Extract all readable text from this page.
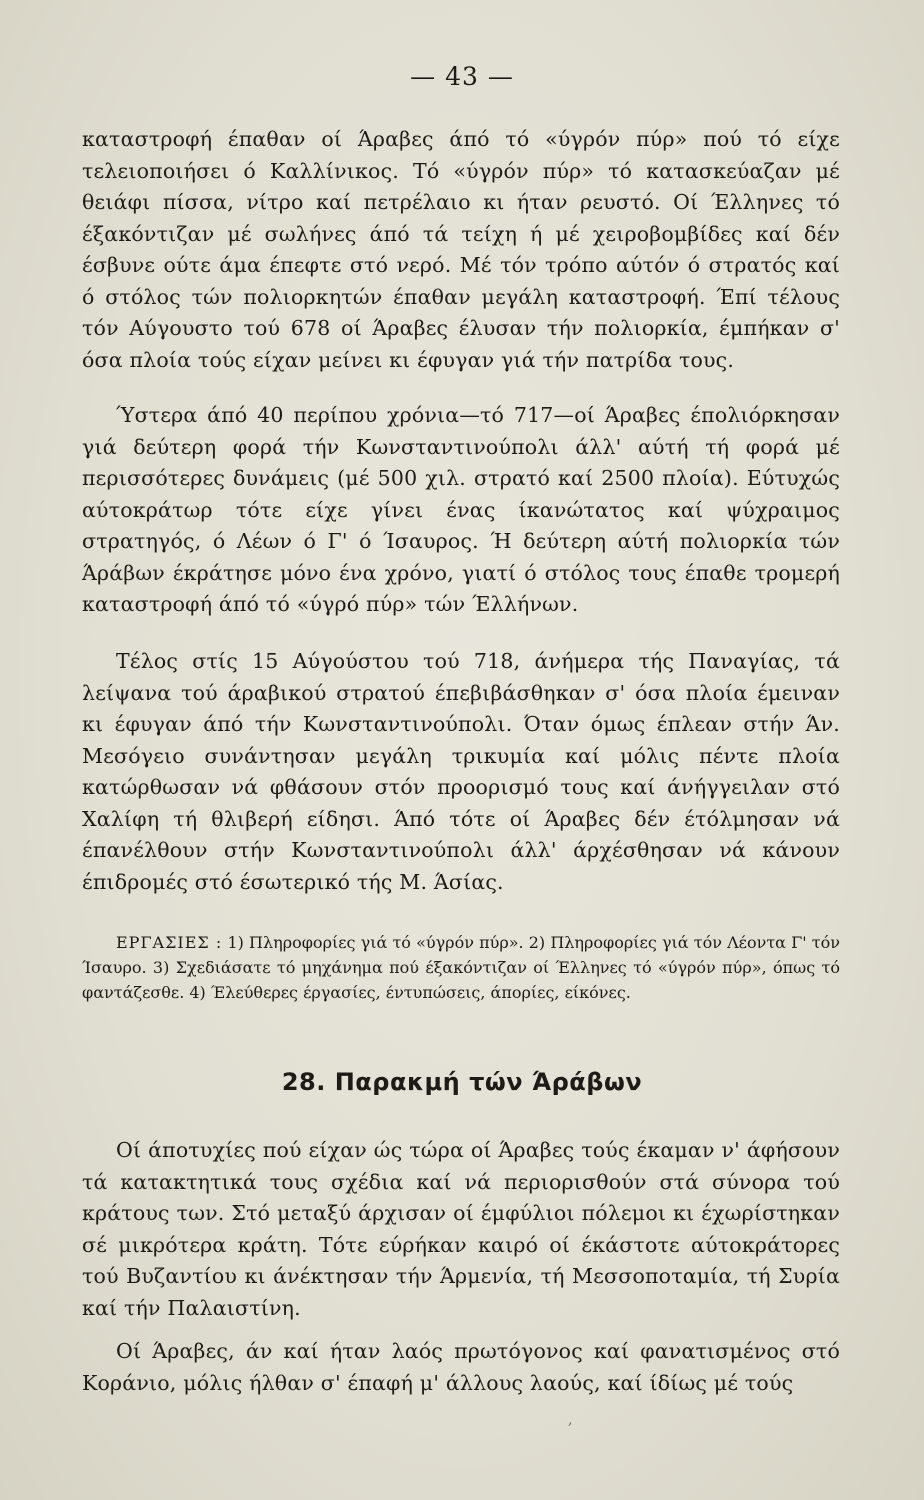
— 43 —

καταστροφή έπαθαν οί Άραβες άπό τό «ύγρόν πύρ» πού τό είχε τελειοποιήσει ό Καλλίνικος. Τό «ύγρόν πύρ» τό κατασκεύαζαν μέ θειάφι πίσσα, νίτρο καί πετρέλαιο κι ήταν ρευστό. Οί Έλληνες τό έξακόντιζαν μέ σωλήνες άπό τά τείχη ή μέ χειροβομβίδες καί δέν έσβυνε ούτε άμα έπεφτε στό νερό. Μέ τόν τρόπο αύτόν ό στρατός καί ό στόλος τών πολιορκητών έπαθαν μεγάλη καταστροφή. Έπί τέλους τόν Αύγουστο τού 678 οί Άραβες έλυσαν τήν πολιορκία, έμπήκαν σ' όσα πλοία τούς είχαν μείνει κι έφυγαν γιά τήν πατρίδα τους.

Ύστερα άπό 40 περίπου χρόνια—τό 717—οί Άραβες έπολιόρκησαν γιά δεύτερη φορά τήν Κωνσταντινούπολι άλλ' αύτή τή φορά μέ περισσότερες δυνάμεις (μέ 500 χιλ. στρατό καί 2500 πλοία). Εύτυχώς αύτοκράτωρ τότε είχε γίνει ένας ίκανώτατος καί ψύχραιμος στρατηγός, ό Λέων ό Γ' ό Ίσαυρος. Ή δεύτερη αύτή πολιορκία τών Άράβων έκράτησε μόνο ένα χρόνο, γιατί ό στόλος τους έπαθε τρομερή καταστροφή άπό τό «ύγρό πύρ» τών Έλλήνων.

Τέλος στίς 15 Αύγούστου τού 718, άνήμερα τής Παναγίας, τά λείψανα τού άραβικού στρατού έπεβιβάσθηκαν σ' όσα πλοία έμειναν κι έφυγαν άπό τήν Κωνσταντινούπολι. Όταν όμως έπλεαν στήν Άν. Μεσόγειο συνάντησαν μεγάλη τρικυμία καί μόλις πέντε πλοία κατώρθωσαν νά φθάσουν στόν προορισμό τους καί άνήγγειλαν στό Χαλίφη τή θλιβερή είδησι. Άπό τότε οί Άραβες δέν έτόλμησαν νά έπανέλθουν στήν Κωνσταντινούπολι άλλ' άρχέσθησαν νά κάνουν έπιδρομές στό έσωτερικό τής Μ. Άσίας.

ΕΡΓΑΣΙΕΣ : 1) Πληροφορίες γιά τό «ύγρόν πύρ». 2) Πληροφορίες γιά τόν Λέοντα Γ' τόν Ίσαυρο. 3) Σχεδιάσατε τό μηχάνημα πού έξακόντιζαν οί Έλληνες τό «ύγρόν πύρ», όπως τό φαντάζεσθε. 4) Έλεύθερες έργασίες, έντυπώσεις, άπορίες, είκόνες.

28. Παρακμή τών Άράβων

Οί άποτυχίες πού είχαν ώς τώρα οί Άραβες τούς έκαμαν ν' άφήσουν τά κατακτητικά τους σχέδια καί νά περιορισθούν στά σύνορα τού κράτους των. Στό μεταξύ άρχισαν οί έμφύλιοι πόλεμοι κι έχωρίστηκαν σέ μικρότερα κράτη. Τότε εύρήκαν καιρό οί έκάστοτε αύτοκράτορες τού Βυζαντίου κι άνέκτησαν τήν Άρμενία, τή Μεσσοποταμία, τή Συρία καί τήν Παλαιστίνη.

Οί Άραβες, άν καί ήταν λαός πρωτόγονος καί φανατισμένος στό Κοράνιο, μόλις ήλθαν σ' έπαφή μ' άλλους λαούς, καί ίδίως μέ τούς

,
